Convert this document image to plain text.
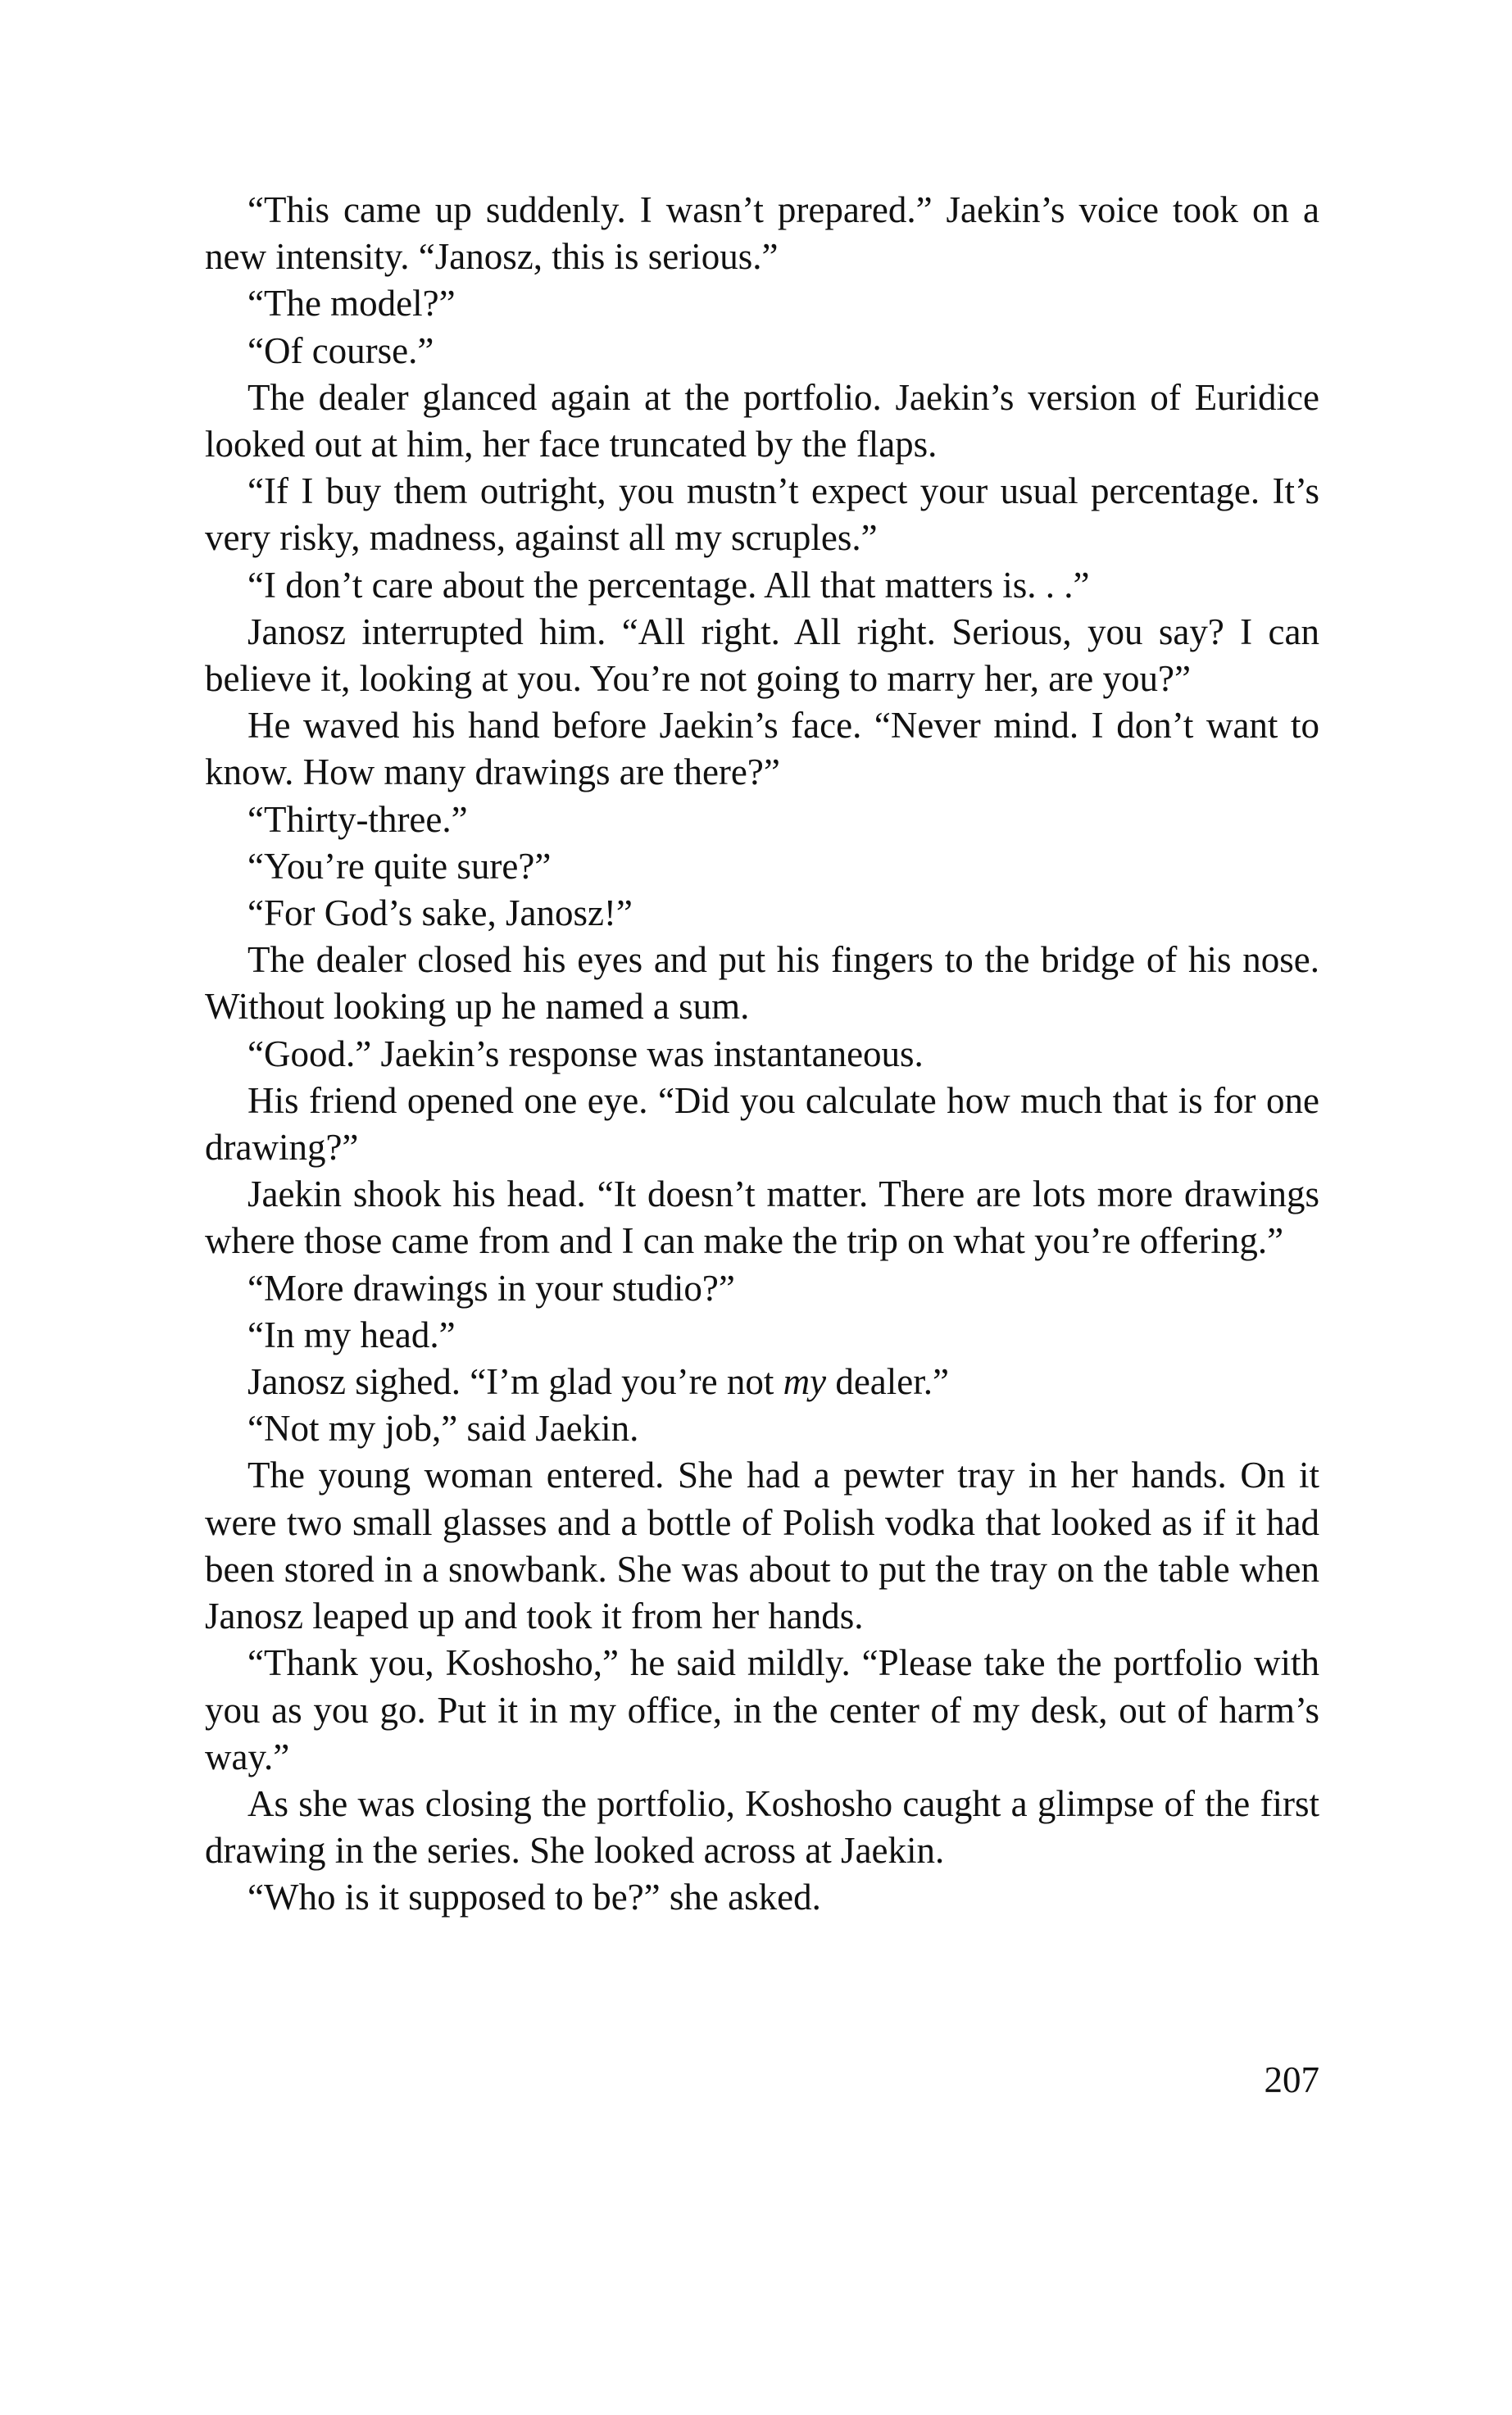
“This came up suddenly. I wasn’t prepared.” Jaekin’s voice took on a new intensity. “Janosz, this is serious.”

“The model?”

“Of course.”

The dealer glanced again at the portfolio. Jaekin’s version of Euridice looked out at him, her face truncated by the flaps.

“If I buy them outright, you mustn’t expect your usual percentage. It’s very risky, madness, against all my scruples.”

“I don’t care about the percentage. All that matters is. . .”

Janosz interrupted him. “All right. All right. Serious, you say? I can believe it, looking at you. You’re not going to marry her, are you?”

He waved his hand before Jaekin’s face. “Never mind. I don’t want to know. How many drawings are there?”

“Thirty-three.”

“You’re quite sure?”

“For God’s sake, Janosz!”

The dealer closed his eyes and put his fingers to the bridge of his nose. Without looking up he named a sum.

“Good.” Jaekin’s response was instantaneous.

His friend opened one eye. “Did you calculate how much that is for one drawing?”

Jaekin shook his head. “It doesn’t matter. There are lots more drawings where those came from and I can make the trip on what you’re offering.”

“More drawings in your studio?”

“In my head.”

Janosz sighed. “I’m glad you’re not my dealer.”

“Not my job,” said Jaekin.

The young woman entered. She had a pewter tray in her hands. On it were two small glasses and a bottle of Polish vodka that looked as if it had been stored in a snowbank. She was about to put the tray on the table when Janosz leaped up and took it from her hands.

“Thank you, Koshosho,” he said mildly. “Please take the portfolio with you as you go. Put it in my office, in the center of my desk, out of harm’s way.”

As she was closing the portfolio, Koshosho caught a glimpse of the first drawing in the series. She looked across at Jaekin.

“Who is it supposed to be?” she asked.

207
